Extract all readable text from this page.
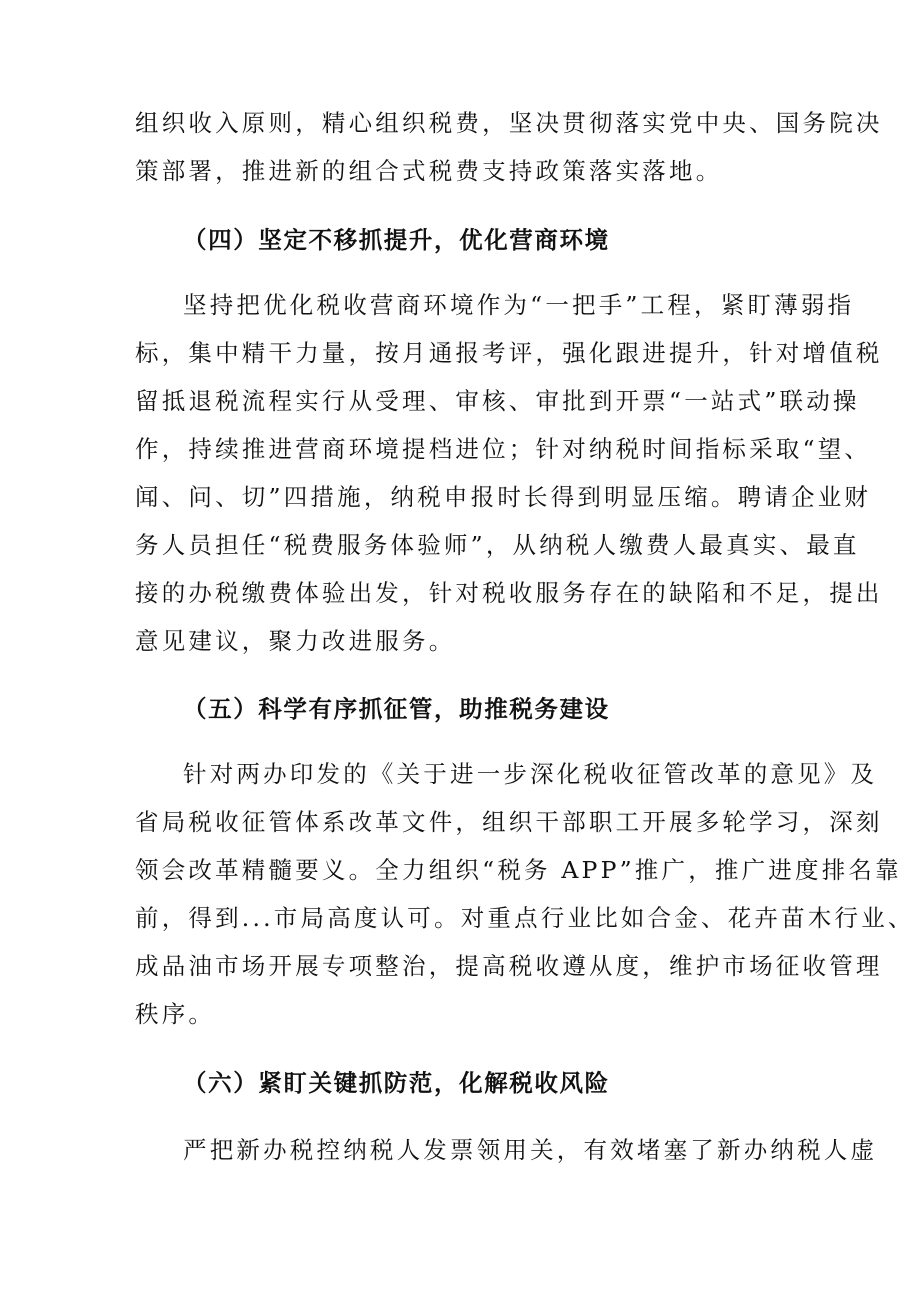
组织收入原则，精心组织税费，坚决贯彻落实党中央、国务院决
策部署，推进新的组合式税费支持政策落实落地。
（四）坚定不移抓提升，优化营商环境
坚持把优化税收营商环境作为“一把手”工程，紧盯薄弱指
标，集中精干力量，按月通报考评，强化跟进提升，针对增值税
留抵退税流程实行从受理、审核、审批到开票“一站式”联动操
作，持续推进营商环境提档进位；针对纳税时间指标采取“望、
闻、问、切”四措施，纳税申报时长得到明显压缩。聘请企业财
务人员担任“税费服务体验师”，从纳税人缴费人最真实、最直
接的办税缴费体验出发，针对税收服务存在的缺陷和不足，提出
意见建议，聚力改进服务。
（五）科学有序抓征管，助推税务建设
针对两办印发的《关于进一步深化税收征管改革的意见》及
省局税收征管体系改革文件，组织干部职工开展多轮学习，深刻
领会改革精髓要义。全力组织“税务 APP”推广，推广进度排名靠
前，得到...市局高度认可。对重点行业比如合金、花卉苗木行业、
成品油市场开展专项整治，提高税收遵从度，维护市场征收管理
秩序。
（六）紧盯关键抓防范，化解税收风险
严把新办税控纳税人发票领用关，有效堵塞了新办纳税人虚
